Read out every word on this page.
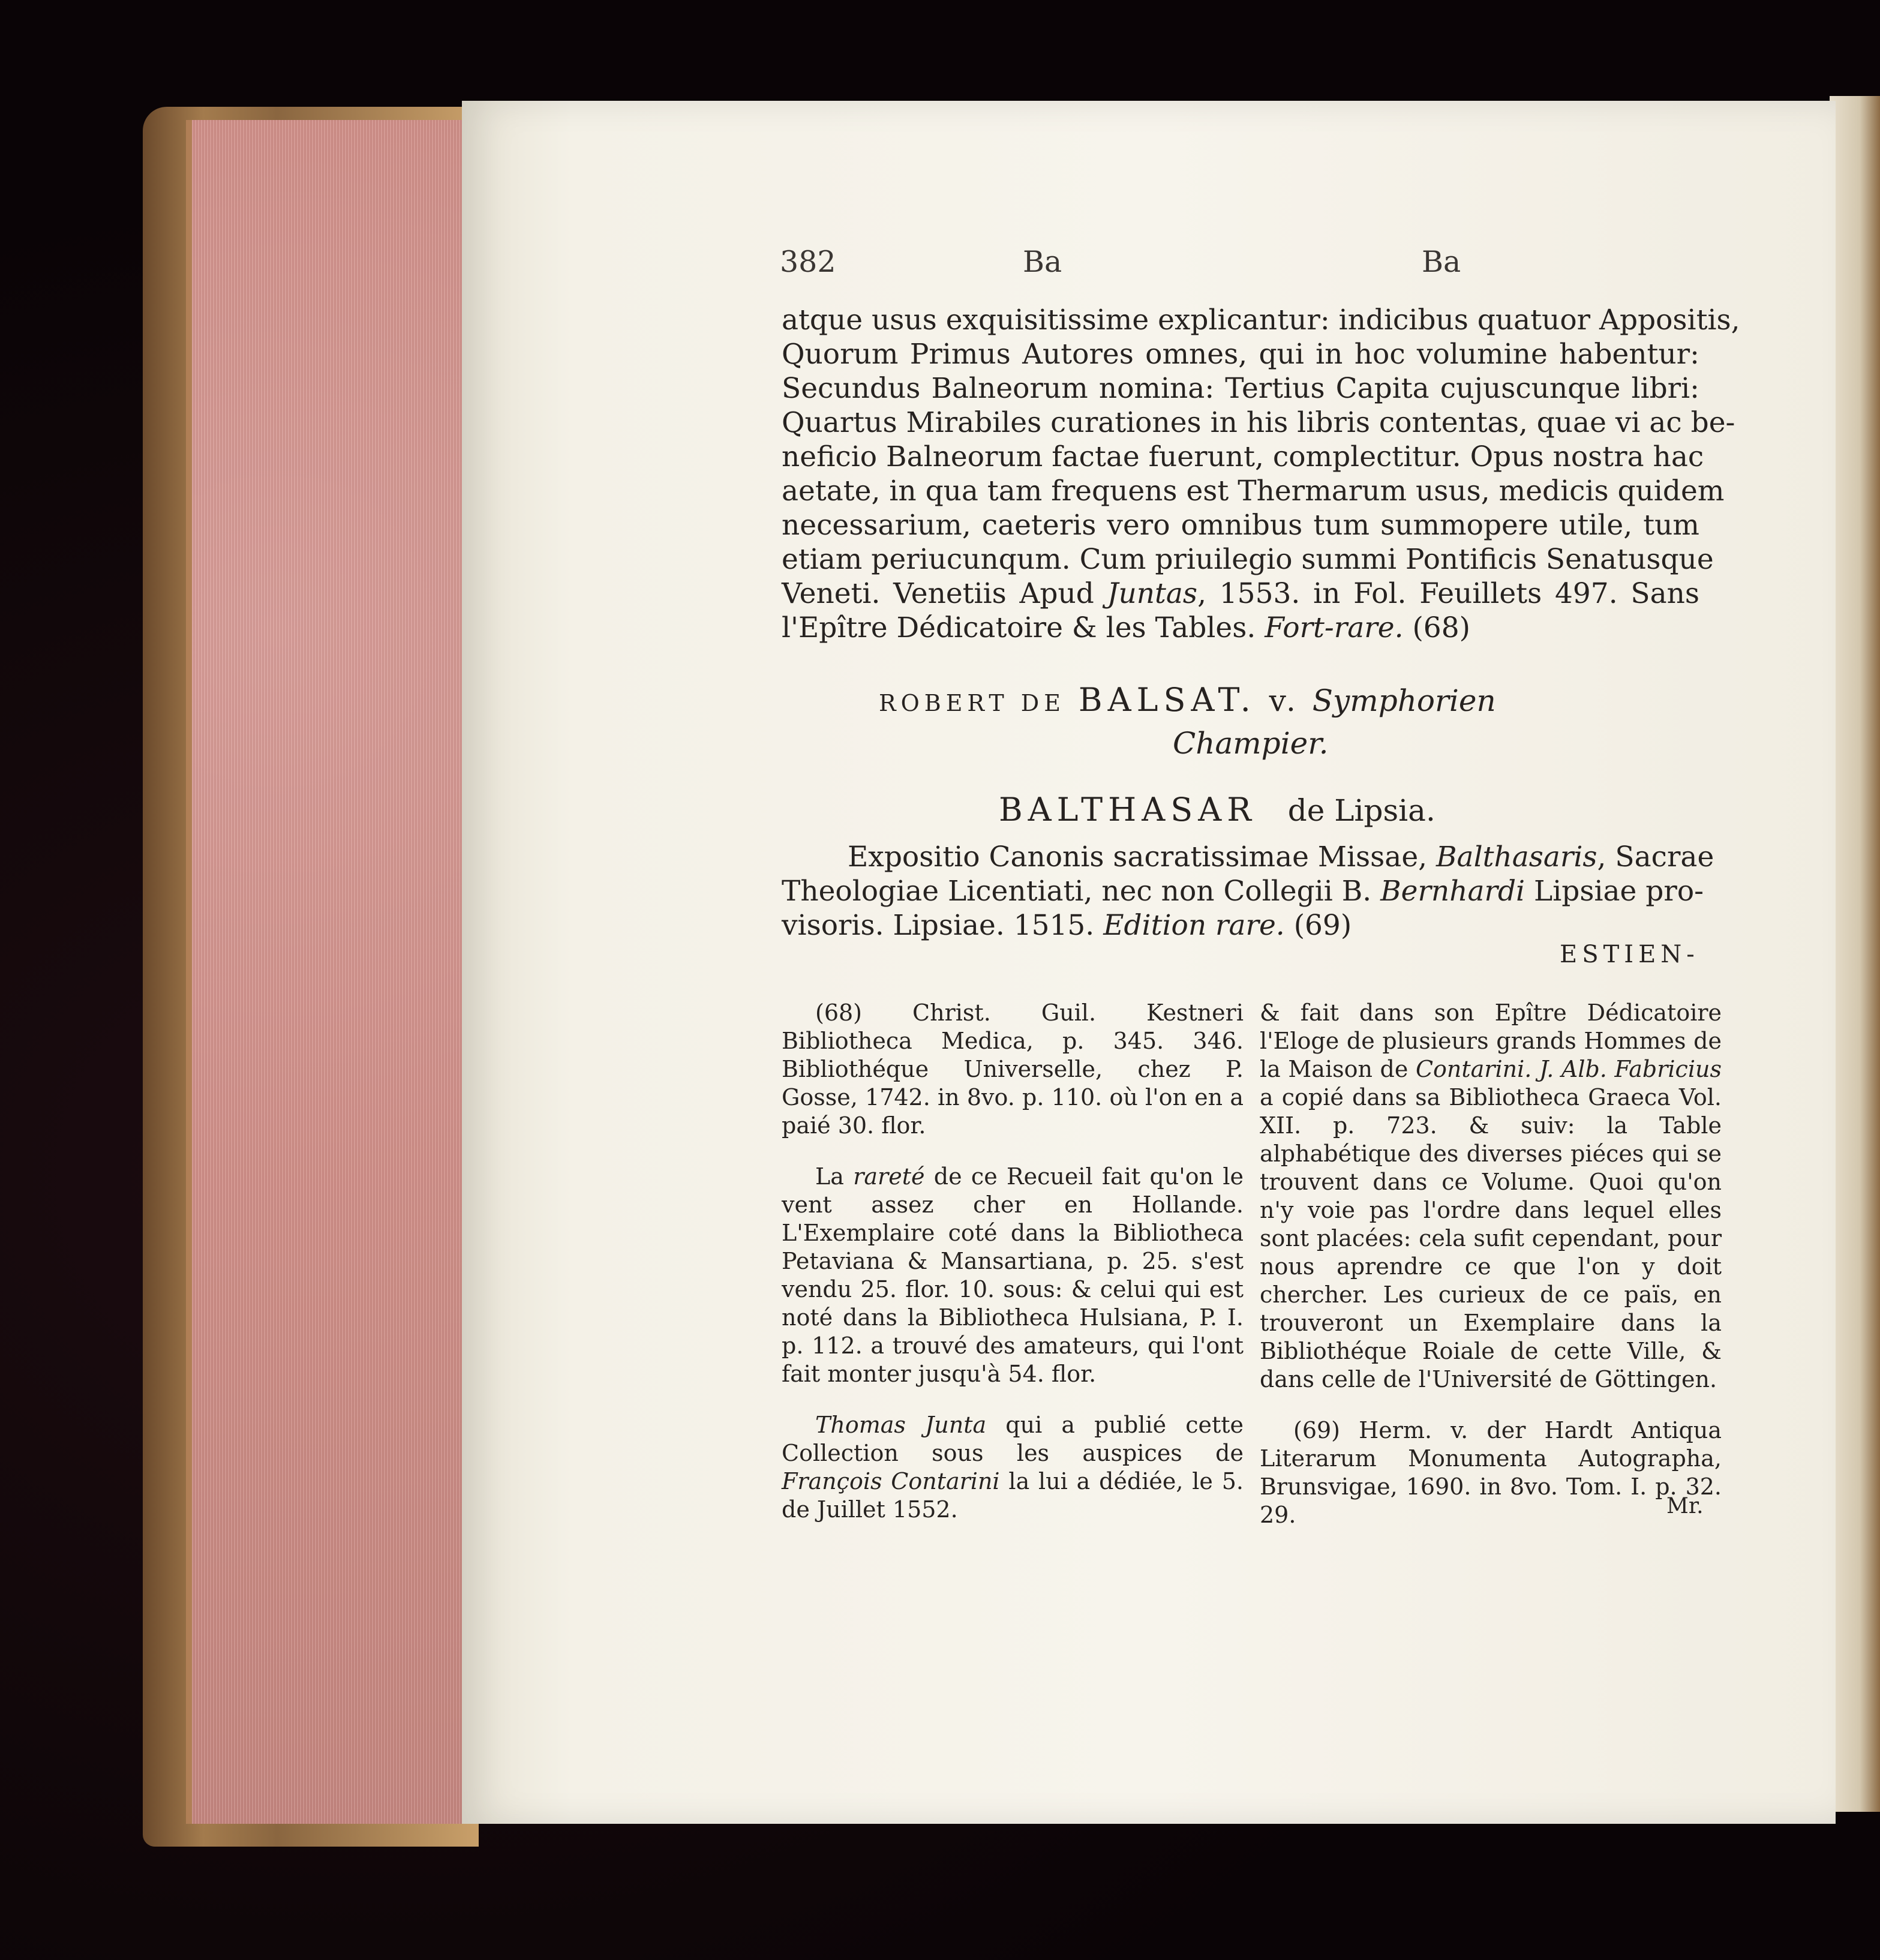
382	Ba	Ba
atque usus exquisitissime explicantur: indicibus quatuor Appositis,
Quorum Primus Autores omnes, qui in hoc volumine habentur:
Secundus Balneorum nomina: Tertius Capita cujuscunque libri:
Quartus Mirabiles curationes in his libris contentas, quae vi ac be-
neficio Balneorum factae fuerunt, complectitur. Opus nostra hac
aetate, in qua tam frequens est Thermarum usus, medicis quidem
necessarium, caeteris vero omnibus tum summopere utile, tum
etiam periucunqum. Cum priuilegio summi Pontificis Senatusque
Veneti. Venetiis Apud Juntas, 1553. in Fol. Feuillets 497. Sans
l'Epître Dédicatoire & les Tables. Fort-rare. (68)
ROBERT DE BALSAT. v. Symphorien
Champier.
BALTHASAR de Lipsia.
Expositio Canonis sacratissimae Missae, Balthasaris, Sacrae
Theologiae Licentiati, nec non Collegii B. Bernhardi Lipsiae pro-
visoris. Lipsiae. 1515. Edition rare. (69)
ESTIEN-

(68) Christ. Guil. Kestneri Bibliotheca Medica, p. 345. 346. Bibliothéque Universelle, chez P. Gosse, 1742. in 8vo. p. 110. où l'on en a paié 30. flor.

La rareté de ce Recueil fait qu'on le vent assez cher en Hollande. L'Exemplaire coté dans la Bibliotheca Petaviana & Mansartiana, p. 25. s'est vendu 25. flor. 10. sous: & celui qui est noté dans la Bibliotheca Hulsiana, P. I. p. 112. a trouvé des amateurs, qui l'ont fait monter jusqu'à 54. flor.

Thomas Junta qui a publié cette Collection sous les auspices de François Contarini la lui a dédiée, le 5. de Juillet 1552.

& fait dans son Epître Dédicatoire l'Eloge de plusieurs grands Hommes de la Maison de Contarini. J. Alb. Fabricius a copié dans sa Bibliotheca Graeca Vol. XII. p. 723. & suiv: la Table alphabétique des diverses piéces qui se trouvent dans ce Volume. Quoi qu'on n'y voie pas l'ordre dans lequel elles sont placées: cela sufit cependant, pour nous aprendre ce que l'on y doit chercher. Les curieux de ce païs, en trouveront un Exemplaire dans la Bibliothéque Roiale de cette Ville, & dans celle de l'Université de Göttingen.

(69) Herm. v. der Hardt Antiqua Literarum Monumenta Autographa, Brunsvigae, 1690. in 8vo. Tom. I. p. 32. 29.	Mr.
